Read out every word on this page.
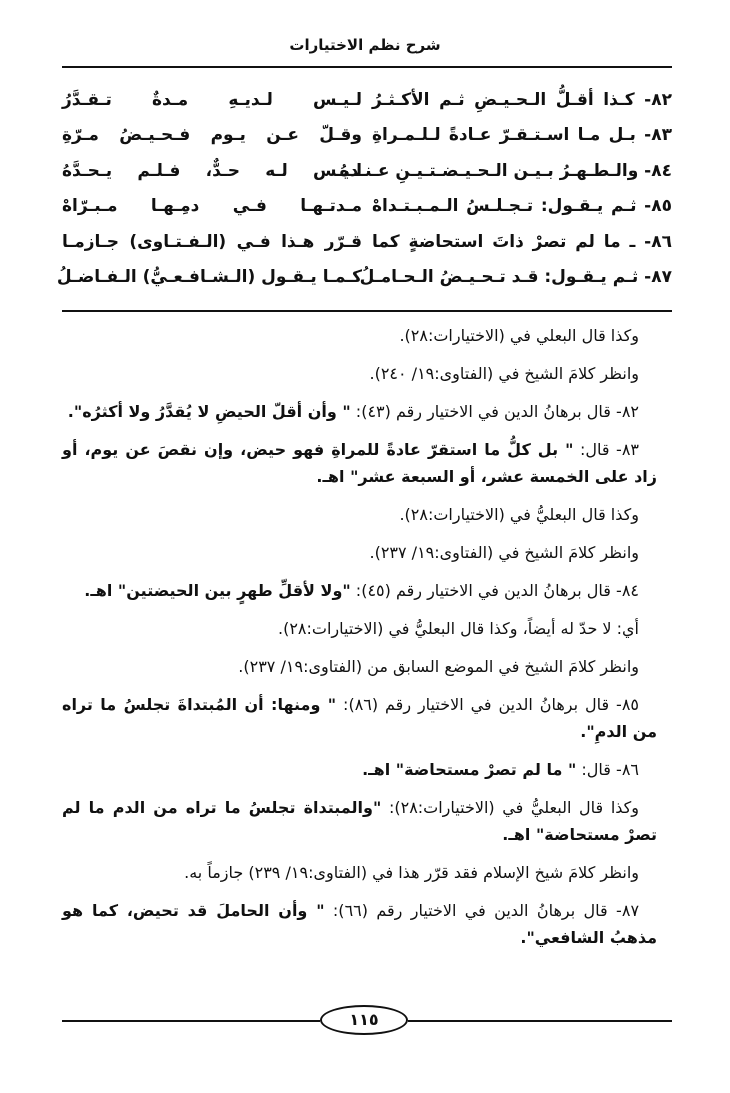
شرح نظم الاختيارات
٨٢- كـذا أقـلُّ الـحـيـضِ ثـم الأكـثـرُ
لـيـس لـديـهِ مـدةٌ تـقـدَّرُ
٨٣- بـل مـا اسـتـقـرّ عـادةً لـلـمـراةِ
وقـلّ عـن يـوم فـحـيـضُ مـرّةِ
٨٤- والـطـهـرُ بـيـن الـحـيـضـتـيـنِ عـنـدهُ
لـيـس لـه حـدٌّ، فـلـم يـحـدَّهُ
٨٥- ثـم يـقـول: تـجـلـسُ الـمـبـتـداهْ
مـدتـهـا فـي دمِـهـا مـبـرّاهْ
٨٦- ـ ما لم تصرْ ذاتَ استحاضةٍ كما
قـرّر هـذا فـي (الـفـتـاوى) جـازمـا
٨٧- ثـم يـقـول: قـد تـحـيـضُ الـحـامـلُ
كـمـا يـقـول (الـشـافـعـيُّ) الـفـاضـلُ

وكذا قال البعلي في (الاختيارات:٢٨).

وانظر كلامَ الشيخ في (الفتاوى:١٩/ ٢٤٠).

٨٢- قال برهانُ الدين في الاختيار رقم (٤٣): " وأن أقلّ الحيضِ لا يُقدَّرُ ولا أكثرُه".

٨٣- قال: " بل كلُّ ما استقرّ عادةً للمراةِ فهو حيض، وإن نقصَ عن يوم، أو زاد على الخمسة عشر، أو السبعة عشر" اهـ.

وكذا قال البعليُّ في (الاختيارات:٢٨).

وانظر كلامَ الشيخ في (الفتاوى:١٩/ ٢٣٧).

٨٤- قال برهانُ الدين في الاختيار رقم (٤٥): "ولا لأقلِّ طهرٍ بين الحيضتين" اهـ.

أي: لا حدّ له أيضاً، وكذا قال البعليُّ في (الاختيارات:٢٨).

وانظر كلامَ الشيخ في الموضع السابق من (الفتاوى:١٩/ ٢٣٧).

٨٥- قال برهانُ الدين في الاختيار رقم (٨٦): " ومنها: أن المُبتداةَ تجلسُ ما تراه من الدمِ".

٨٦- قال: " ما لم تصرْ مستحاضة" اهـ.

وكذا قال البعليُّ في (الاختيارات:٢٨): "والمبتداة تجلسُ ما تراه من الدم ما لم تصرْ مستحاضة" اهـ.

وانظر كلامَ شيخ الإسلام فقد قرّر هذا في (الفتاوى:١٩/ ٢٣٩) جازماً به.

٨٧- قال برهانُ الدين في الاختيار رقم (٦٦): " وأن الحاملَ قد تحيض، كما هو مذهبُ الشافعي".

١١٥
